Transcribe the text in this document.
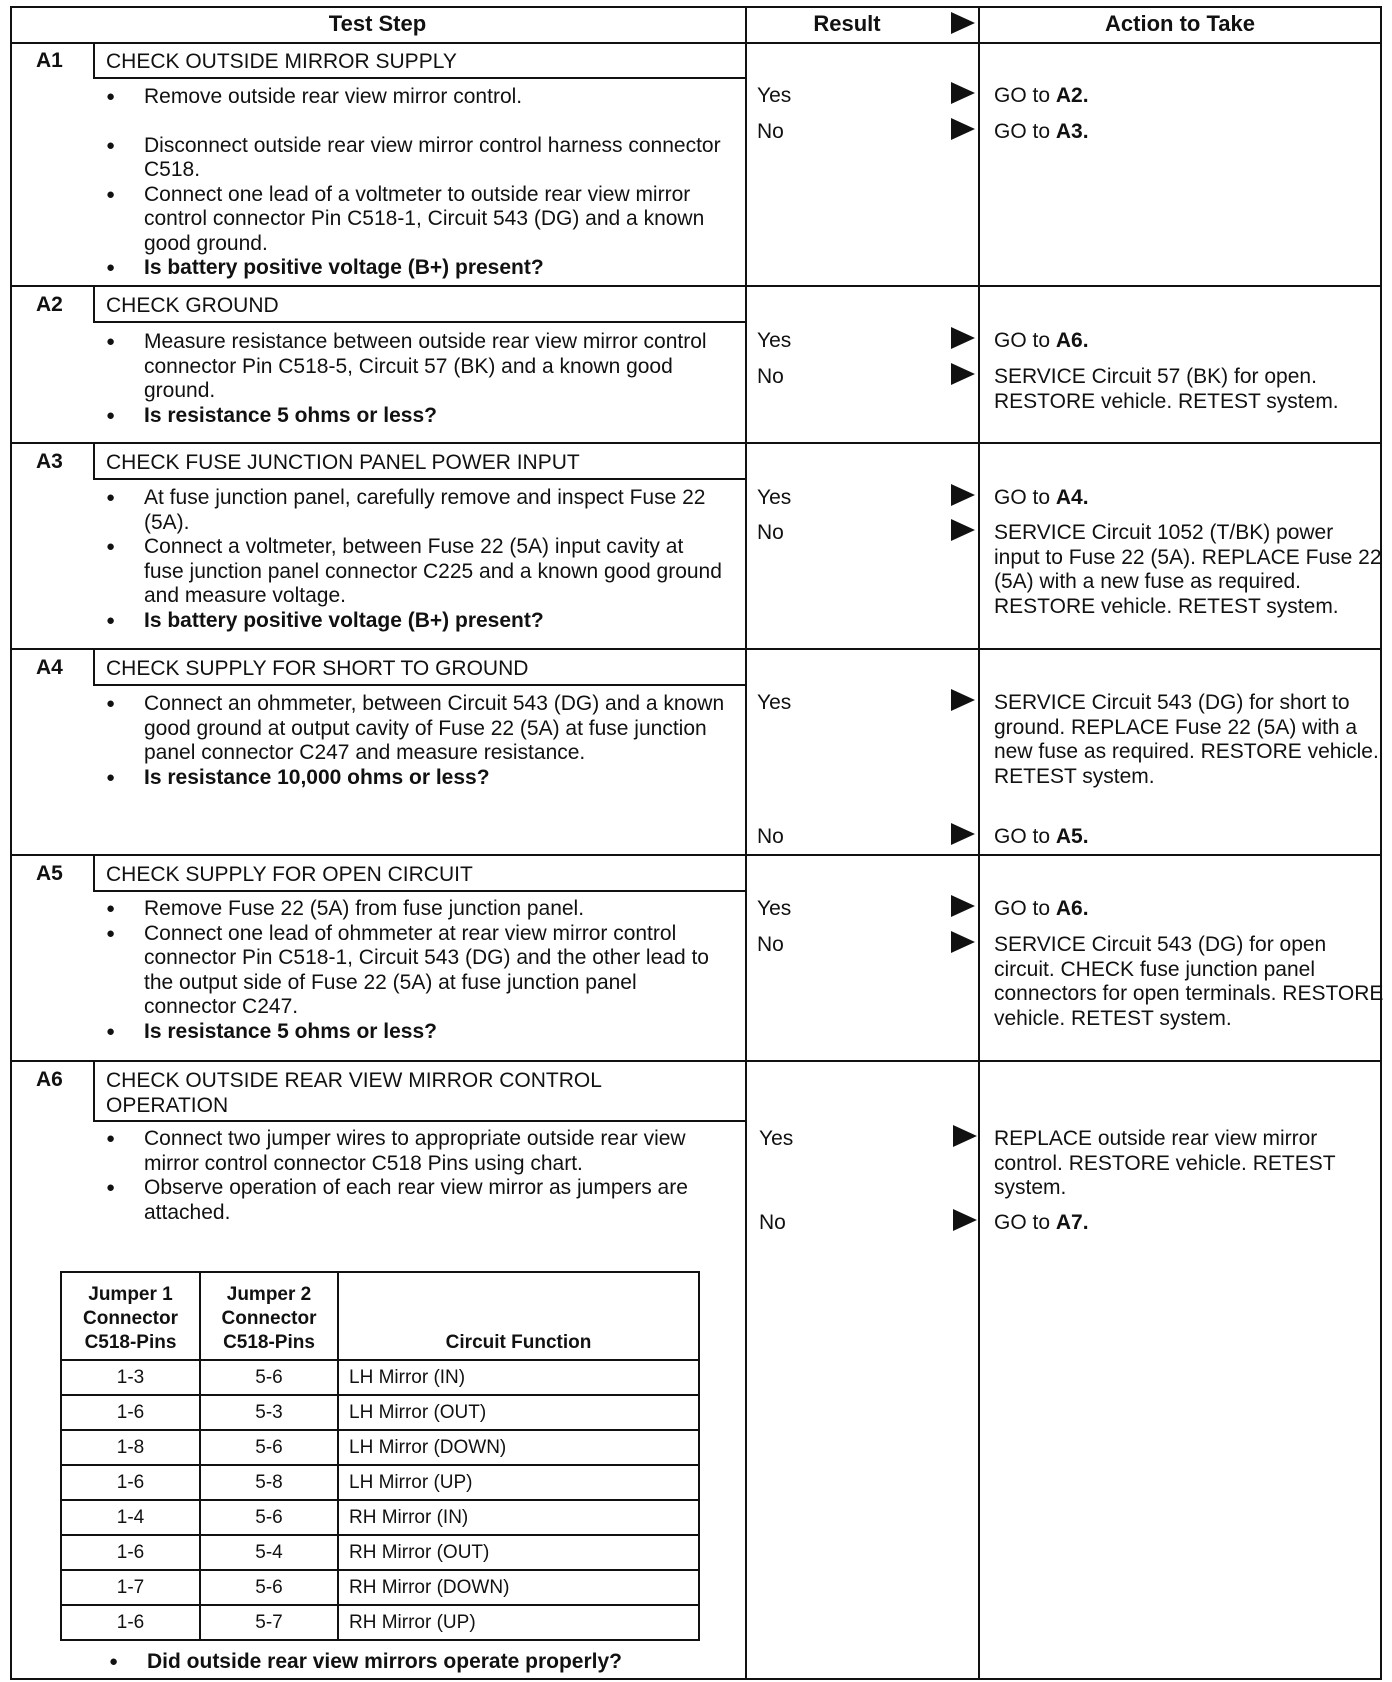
Test Step	Result	Action to Take
A1 CHECK OUTSIDE MIRROR SUPPLY
● Remove outside rear view mirror control.
● Disconnect outside rear view mirror control harness connector C518.
● Connect one lead of a voltmeter to outside rear view mirror control connector Pin C518-1, Circuit 543 (DG) and a known good ground.
● Is battery positive voltage (B+) present?
Yes	GO to A2.
No	GO to A3.
A2 CHECK GROUND
● Measure resistance between outside rear view mirror control connector Pin C518-5, Circuit 57 (BK) and a known good ground.
● Is resistance 5 ohms or less?
Yes	GO to A6.
No	SERVICE Circuit 57 (BK) for open. RESTORE vehicle. RETEST system.
A3 CHECK FUSE JUNCTION PANEL POWER INPUT
● At fuse junction panel, carefully remove and inspect Fuse 22 (5A).
● Connect a voltmeter, between Fuse 22 (5A) input cavity at fuse junction panel connector C225 and a known good ground and measure voltage.
● Is battery positive voltage (B+) present?
Yes	GO to A4.
No	SERVICE Circuit 1052 (T/BK) power input to Fuse 22 (5A). REPLACE Fuse 22 (5A) with a new fuse as required. RESTORE vehicle. RETEST system.
A4 CHECK SUPPLY FOR SHORT TO GROUND
● Connect an ohmmeter, between Circuit 543 (DG) and a known good ground at output cavity of Fuse 22 (5A) at fuse junction panel connector C247 and measure resistance.
● Is resistance 10,000 ohms or less?
Yes	SERVICE Circuit 543 (DG) for short to ground. REPLACE Fuse 22 (5A) with a new fuse as required. RESTORE vehicle. RETEST system.
No	GO to A5.
A5 CHECK SUPPLY FOR OPEN CIRCUIT
● Remove Fuse 22 (5A) from fuse junction panel.
● Connect one lead of ohmmeter at rear view mirror control connector Pin C518-1, Circuit 543 (DG) and the other lead to the output side of Fuse 22 (5A) at fuse junction panel connector C247.
● Is resistance 5 ohms or less?
Yes	GO to A6.
No	SERVICE Circuit 543 (DG) for open circuit. CHECK fuse junction panel connectors for open terminals. RESTORE vehicle. RETEST system.
A6 CHECK OUTSIDE REAR VIEW MIRROR CONTROL OPERATION
● Connect two jumper wires to appropriate outside rear view mirror control connector C518 Pins using chart.
● Observe operation of each rear view mirror as jumpers are attached.
Jumper 1 Connector C518-Pins	Jumper 2 Connector C518-Pins	Circuit Function
1-3	5-6	LH Mirror (IN)
1-6	5-3	LH Mirror (OUT)
1-8	5-6	LH Mirror (DOWN)
1-6	5-8	LH Mirror (UP)
1-4	5-6	RH Mirror (IN)
1-6	5-4	RH Mirror (OUT)
1-7	5-6	RH Mirror (DOWN)
1-6	5-7	RH Mirror (UP)
● Did outside rear view mirrors operate properly?
Yes	REPLACE outside rear view mirror control. RESTORE vehicle. RETEST system.
No	GO to A7.
